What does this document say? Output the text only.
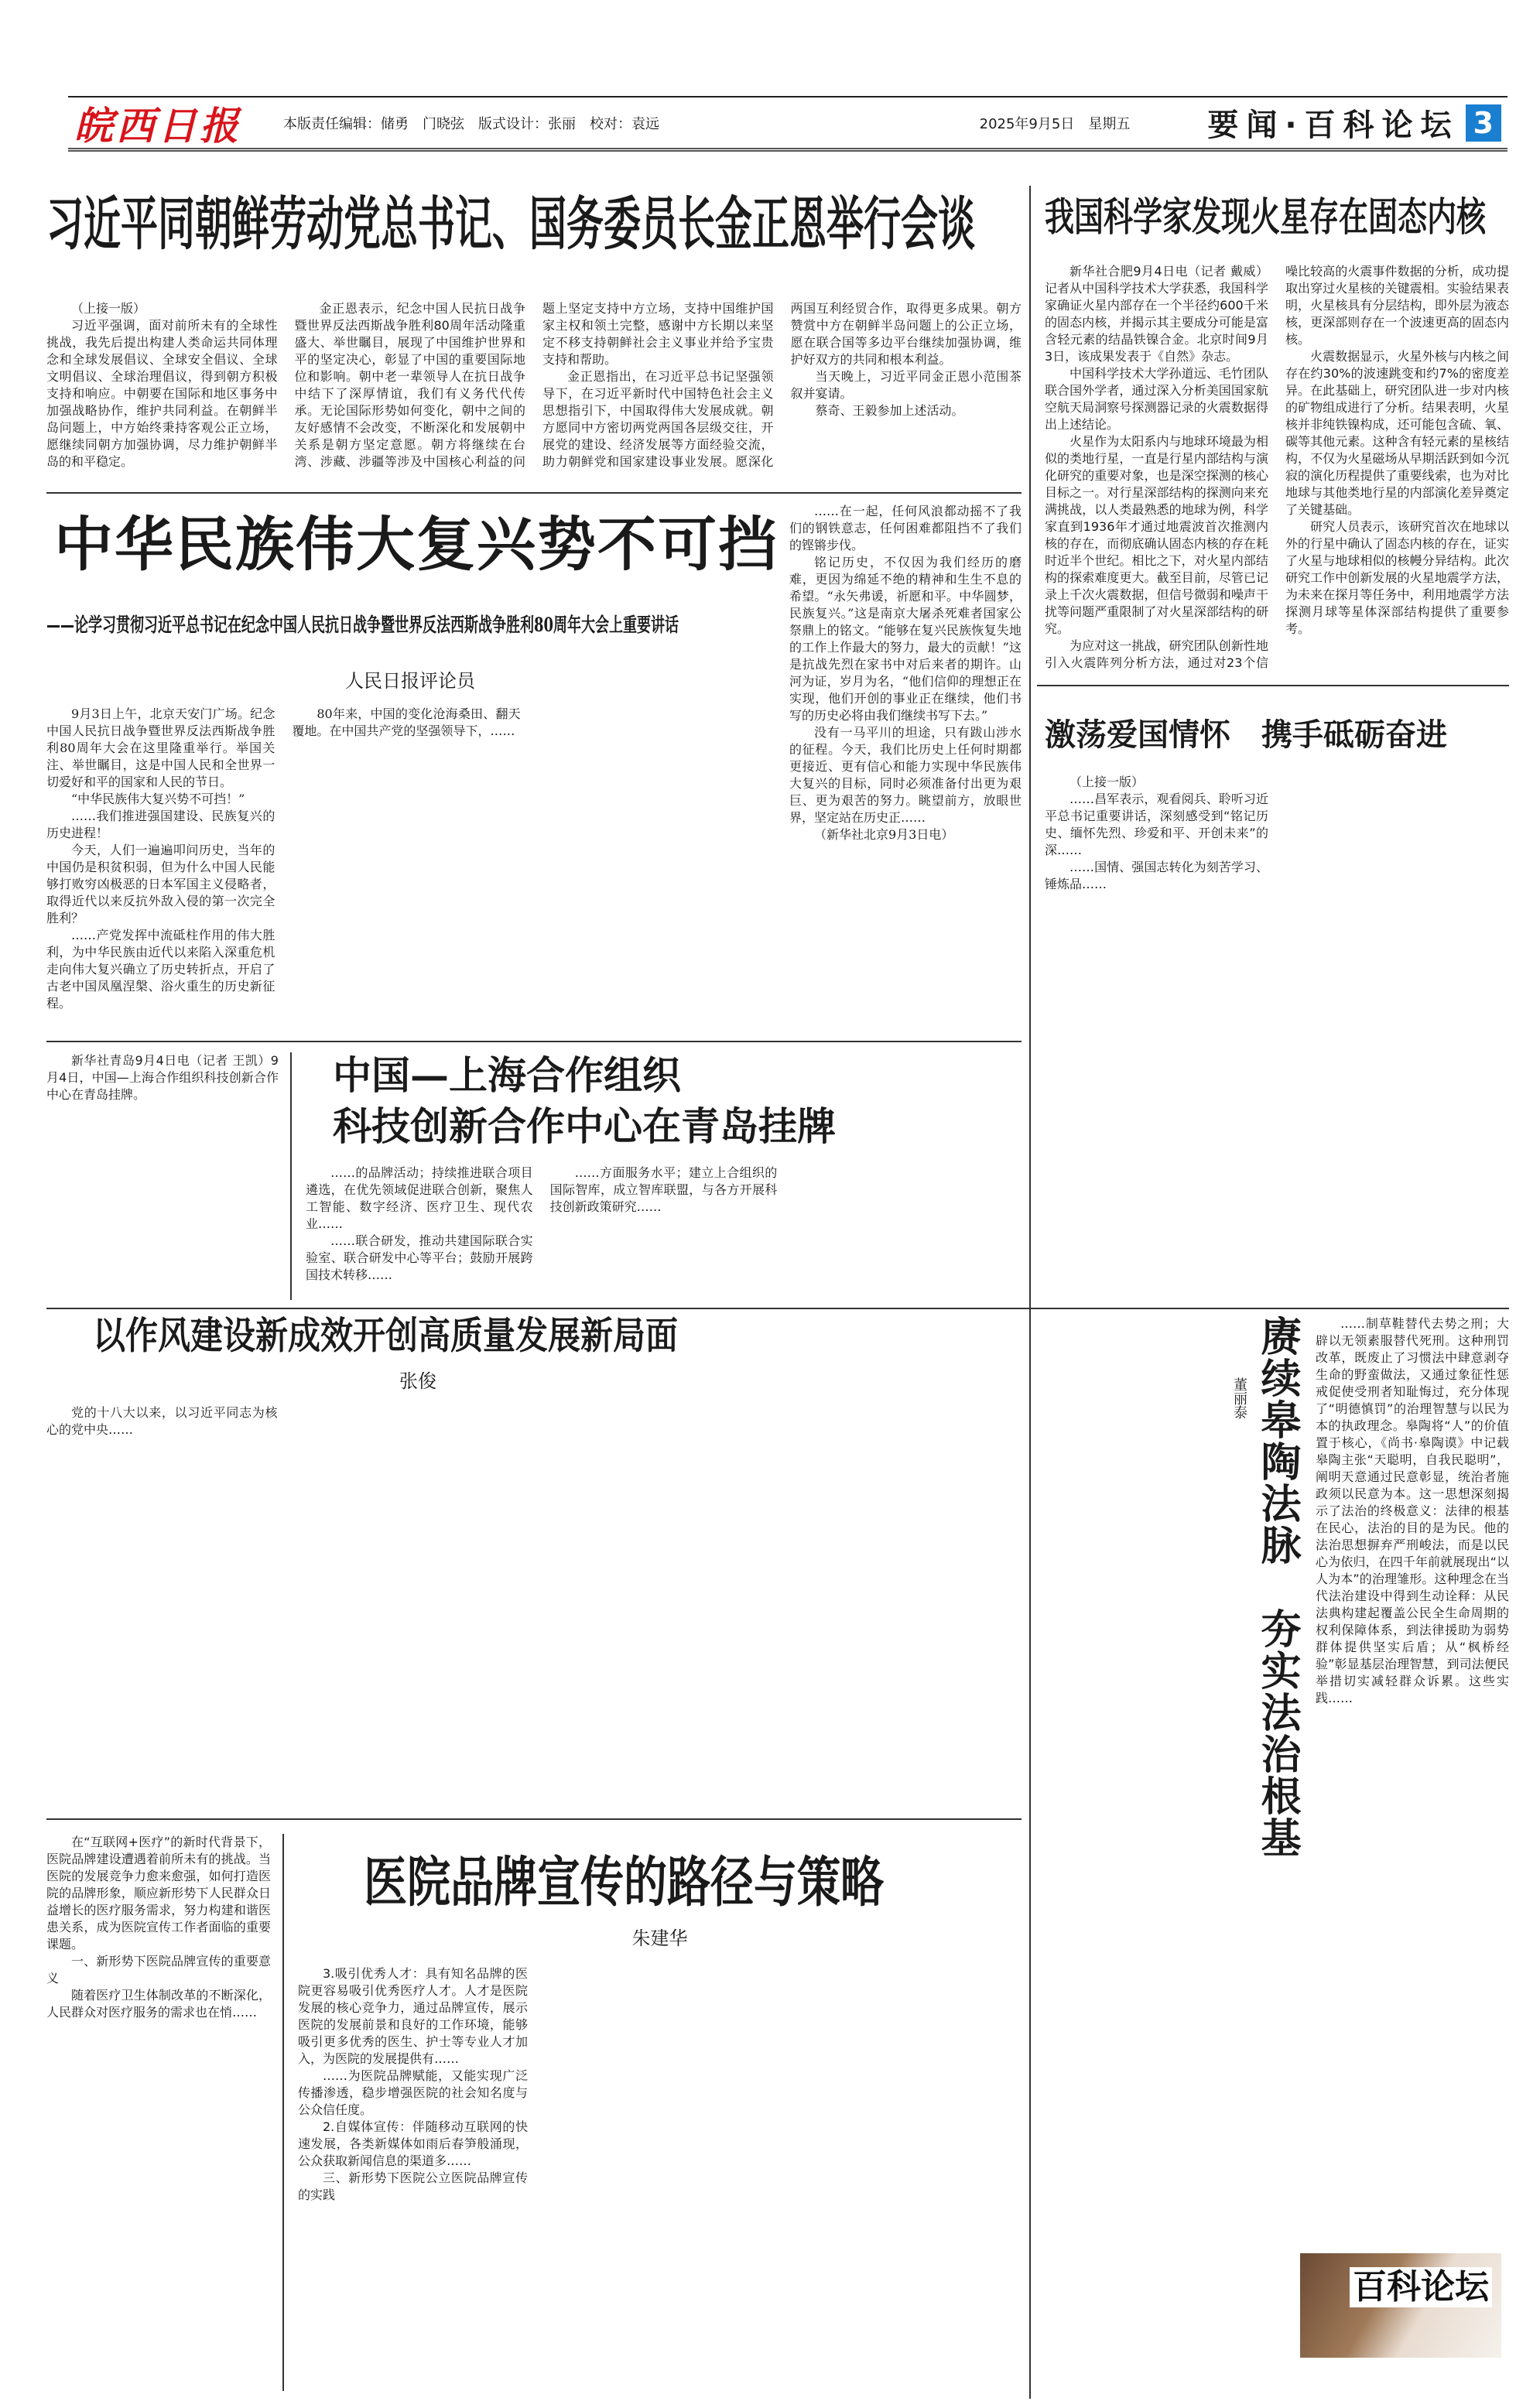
皖西日报	本版责任编辑：储勇　门晓弦　版式设计：张丽　校对：袁远	2025年9月5日　星期五	要闻·百科论坛 3
习近平同朝鲜劳动党总书记、国务委员长金正恩举行会谈

（上接一版）

习近平强调，面对前所未有的全球性挑战，我先后提出构建人类命运共同体理念和全球发展倡议、全球安全倡议、全球文明倡议、全球治理倡议，得到朝方积极支持和响应。中朝要在国际和地区事务中加强战略协作，维护共同利益。在朝鲜半岛问题上，中方始终秉持客观公正立场，愿继续同朝方加强协调，尽力维护朝鲜半岛的和平稳定。

金正恩表示，纪念中国人民抗日战争暨世界反法西斯战争胜利80周年活动隆重盛大、举世瞩目，展现了中国维护世界和平的坚定决心，彰显了中国的重要国际地位和影响。朝中老一辈领导人在抗日战争中结下了深厚情谊，我们有义务代代传承。无论国际形势如何变化，朝中之间的友好感情不会改变，不断深化和发展朝中关系是朝方坚定意愿。朝方将继续在台湾、涉藏、涉疆等涉及中国核心利益的问题上坚定支持中方立场，支持中国维护国家主权和领土完整，感谢中方长期以来坚定不移支持朝鲜社会主义事业并给予宝贵支持和帮助。

金正恩指出，在习近平总书记坚强领导下，在习近平新时代中国特色社会主义思想指引下，中国取得伟大发展成就。朝方愿同中方密切两党两国各层级交往，开展党的建设、经济发展等方面经验交流，助力朝鲜党和国家建设事业发展。愿深化两国互利经贸合作，取得更多成果。朝方赞赏中方在朝鲜半岛问题上的公正立场，愿在联合国等多边平台继续加强协调，维护好双方的共同和根本利益。

当天晚上，习近平同金正恩小范围茶叙并宴请。

蔡奇、王毅参加上述活动。

我国科学家发现火星存在固态内核

新华社合肥9月4日电（记者 戴威）记者从中国科学技术大学获悉，我国科学家确证火星内部存在一个半径约600千米的固态内核，并揭示其主要成分可能是富含轻元素的结晶铁镍合金。北京时间9月3日，该成果发表于《自然》杂志。

中国科学技术大学孙道远、毛竹团队联合国外学者，通过深入分析美国国家航空航天局洞察号探测器记录的火震数据得出上述结论。

火星作为太阳系内与地球环境最为相似的类地行星，一直是行星内部结构与演化研究的重要对象，也是深空探测的核心目标之一。对行星深部结构的探测向来充满挑战，以人类最熟悉的地球为例，科学家直到1936年才通过地震波首次推测内核的存在，而彻底确认固态内核的存在耗时近半个世纪。相比之下，对火星内部结构的探索难度更大。截至目前，尽管已记录上千次火震数据，但信号微弱和噪声干扰等问题严重限制了对火星深部结构的研究。

为应对这一挑战，研究团队创新性地引入火震阵列分析方法，通过对23个信噪比较高的火震事件数据的分析，成功提取出穿过火星核的关键震相。实验结果表明，火星核具有分层结构，即外层为液态核，更深部则存在一个波速更高的固态内核。

火震数据显示，火星外核与内核之间存在约30%的波速跳变和约7%的密度差异。在此基础上，研究团队进一步对内核的矿物组成进行了分析。结果表明，火星核并非纯铁镍构成，还可能包含硫、氧、碳等其他元素。这种含有轻元素的星核结构，不仅为火星磁场从早期活跃到如今沉寂的演化历程提供了重要线索，也为对比地球与其他类地行星的内部演化差异奠定了关键基础。

研究人员表示，该研究首次在地球以外的行星中确认了固态内核的存在，证实了火星与地球相似的核幔分异结构。此次研究工作中创新发展的火星地震学方法，为未来在探月等任务中，利用地震学方法探测月球等星体深部结构提供了重要参考。

中华民族伟大复兴势不可挡
——论学习贯彻习近平总书记在纪念中国人民抗日战争暨世界反法西斯战争胜利80周年大会上重要讲话
人民日报评论员

9月3日上午，北京天安门广场。纪念中国人民抗日战争暨世界反法西斯战争胜利80周年大会在这里隆重举行。举国关注、举世瞩目，这是中国人民和全世界一切爱好和平的国家和人民的节日。

“中华民族伟大复兴势不可挡！”

……我们推进强国建设、民族复兴的历史进程！

今天，人们一遍遍叩问历史，当年的中国仍是积贫积弱，但为什么中国人民能够打败穷凶极恶的日本军国主义侵略者，取得近代以来反抗外敌入侵的第一次完全胜利？

……产党发挥中流砥柱作用的伟大胜利，为中华民族由近代以来陷入深重危机走向伟大复兴确立了历史转折点，开启了古老中国凤凰涅槃、浴火重生的历史新征程。

80年来，中国的变化沧海桑田、翻天覆地。在中国共产党的坚强领导下，……

……在一起，任何风浪都动摇不了我们的钢铁意志，任何困难都阻挡不了我们的铿锵步伐。

铭记历史，不仅因为我们经历的磨难，更因为绵延不绝的精神和生生不息的希望。“永矢弗谖，祈愿和平。中华圆梦，民族复兴。”这是南京大屠杀死难者国家公祭鼎上的铭文。“能够在复兴民族恢复失地的工作上作最大的努力，最大的贡献！”这是抗战先烈在家书中对后来者的期许。山河为证，岁月为名，“他们信仰的理想正在实现，他们开创的事业正在继续，他们书写的历史必将由我们继续书写下去。”

没有一马平川的坦途，只有跋山涉水的征程。今天，我们比历史上任何时期都更接近、更有信心和能力实现中华民族伟大复兴的目标，同时必须准备付出更为艰巨、更为艰苦的努力。眺望前方，放眼世界，坚定站在历史正……

（新华社北京9月3日电）

新华社青岛9月4日电（记者 王凯）9月4日，中国—上海合作组织科技创新合作中心在青岛挂牌。	中国—上海合作组织
科技创新合作中心在青岛挂牌

……的品牌活动；持续推进联合项目遴选，在优先领域促进联合创新，聚焦人工智能、数字经济、医疗卫生、现代农业……

……联合研发，推动共建国际联合实验室、联合研发中心等平台；鼓励开展跨国技术转移……

……方面服务水平；建立上合组织的国际智库，成立智库联盟，与各方开展科技创新政策研究……

激荡爱国情怀　携手砥砺奋进

（上接一版）

……昌军表示，观看阅兵、聆听习近平总书记重要讲话，深刻感受到“铭记历史、缅怀先烈、珍爱和平、开创未来”的深……

……国情、强国志转化为刻苦学习、锤炼品……

以作风建设新成效开创高质量发展新局面
张俊

党的十八大以来，以习近平同志为核心的党中央……	赓续皋陶法脉　夯实法治根基
董丽泰

……制草鞋替代去势之刑；大辟以无领素服替代死刑。这种刑罚改革，既废止了习惯法中肆意剥夺生命的野蛮做法，又通过象征性惩戒促使受刑者知耻悔过，充分体现了“明德慎罚”的治理智慧与以民为本的执政理念。皋陶将“人”的价值置于核心，《尚书·皋陶谟》中记载皋陶主张“天聪明，自我民聪明”，阐明天意通过民意彰显，统治者施政须以民意为本。这一思想深刻揭示了法治的终极意义：法律的根基在民心，法治的目的是为民。他的法治思想摒弃严刑峻法，而是以民心为依归，在四千年前就展现出“以人为本”的治理雏形。这种理念在当代法治建设中得到生动诠释：从民法典构建起覆盖公民全生命周期的权利保障体系，到法律援助为弱势群体提供坚实后盾；从“枫桥经验”彰显基层治理智慧，到司法便民举措切实减轻群众诉累。这些实践……

在“互联网+医疗”的新时代背景下，医院品牌建设遭遇着前所未有的挑战。当医院的发展竞争力愈来愈强，如何打造医院的品牌形象，顺应新形势下人民群众日益增长的医疗服务需求，努力构建和谐医患关系，成为医院宣传工作者面临的重要课题。

一、新形势下医院品牌宣传的重要意义

随着医疗卫生体制改革的不断深化，人民群众对医疗服务的需求也在悄……

医院品牌宣传的路径与策略
朱建华

3.吸引优秀人才：具有知名品牌的医院更容易吸引优秀医疗人才。人才是医院发展的核心竞争力，通过品牌宣传，展示医院的发展前景和良好的工作环境，能够吸引更多优秀的医生、护士等专业人才加入，为医院的发展提供有……

……为医院品牌赋能，又能实现广泛传播渗透，稳步增强医院的社会知名度与公众信任度。

2.自媒体宣传：伴随移动互联网的快速发展，各类新媒体如雨后春笋般涌现，公众获取新闻信息的渠道多……

三、新形势下医院公立医院品牌宣传的实践

百科论坛
